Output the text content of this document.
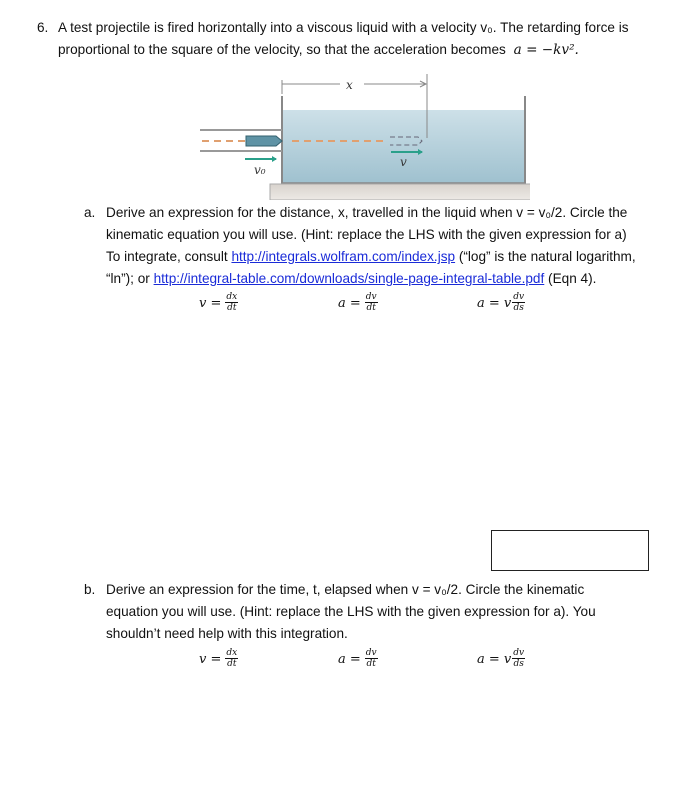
6. A test projectile is fired horizontally into a viscous liquid with a velocity v₀. The retarding force is
proportional to the square of the velocity, so that the acceleration becomes a = −kv².
x
v₀
v
a. Derive an expression for the distance, x, travelled in the liquid when v = v₀/2. Circle the
kinematic equation you will use. (Hint: replace the LHS with the given expression for a)
To integrate, consult http://integrals.wolfram.com/index.jsp (“log” is the natural logarithm,
“ln”); or http://integral-table.com/downloads/single-page-integral-table.pdf (Eqn 4).
$v = \frac{dx}{dt}$	$a = \frac{dv}{dt}$	a =
v $\frac{dv}{ds}$
b. Derive an expression for the time, t, elapsed when v = v₀/2. Circle the kinematic
equation you will use. (Hint: replace the LHS with the given expression for a). You
shouldn’t need help with this integration.
$v = \frac{dx}{dt}$	$a = \frac{dv}{dt}$	a =
v $\frac{dv}{ds}$
